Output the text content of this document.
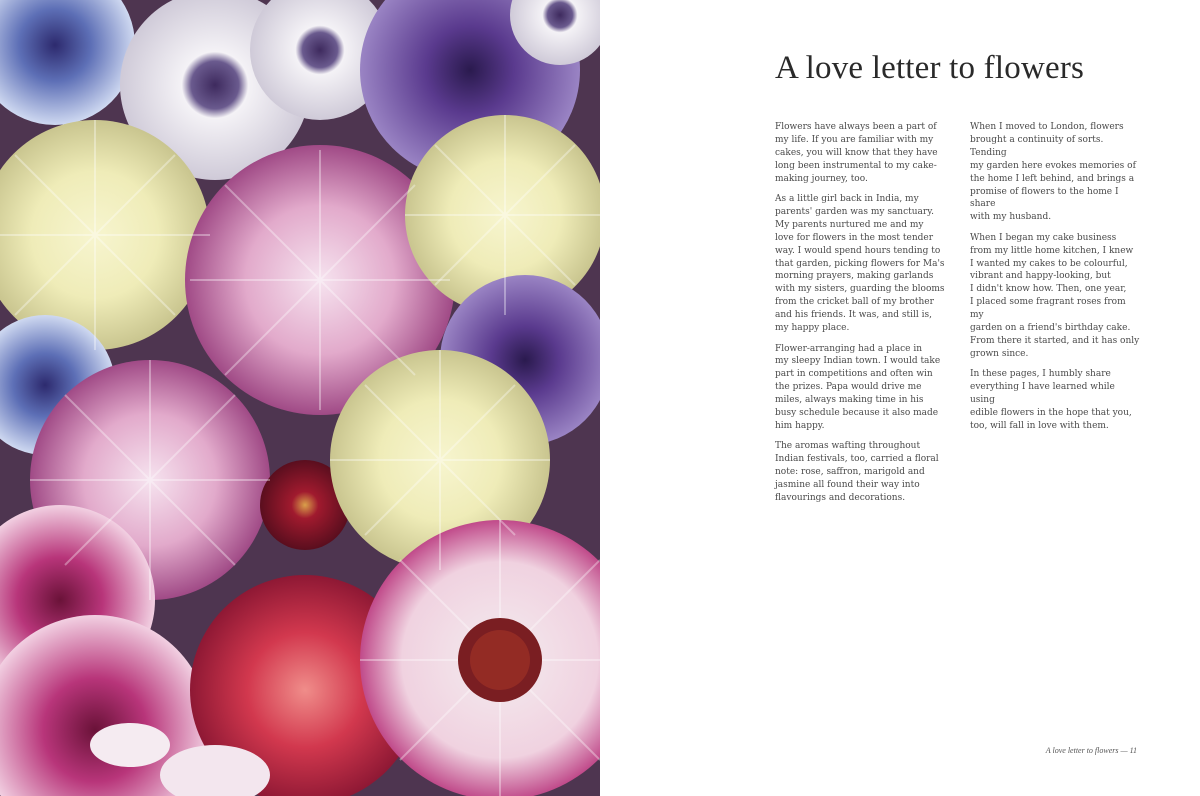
A love letter to flowers

Flowers have always been a part of
my life. If you are familiar with my
cakes, you will know that they have
long been instrumental to my cake-
making journey, too.

As a little girl back in India, my
parents' garden was my sanctuary.
My parents nurtured me and my
love for flowers in the most tender
way. I would spend hours tending to
that garden, picking flowers for Ma's
morning prayers, making garlands
with my sisters, guarding the blooms
from the cricket ball of my brother
and his friends. It was, and still is,
my happy place.

Flower-arranging had a place in
my sleepy Indian town. I would take
part in competitions and often win
the prizes. Papa would drive me
miles, always making time in his
busy schedule because it also made
him happy.

The aromas wafting throughout
Indian festivals, too, carried a floral
note: rose, saffron, marigold and
jasmine all found their way into
flavourings and decorations.

When I moved to London, flowers
brought a continuity of sorts. Tending
my garden here evokes memories of
the home I left behind, and brings a
promise of flowers to the home I share
with my husband.

When I began my cake business
from my little home kitchen, I knew
I wanted my cakes to be colourful,
vibrant and happy-looking, but
I didn't know how. Then, one year,
I placed some fragrant roses from my
garden on a friend's birthday cake.
From there it started, and it has only
grown since.

In these pages, I humbly share
everything I have learned while using
edible flowers in the hope that you,
too, will fall in love with them.

A love letter to flowers — 11
